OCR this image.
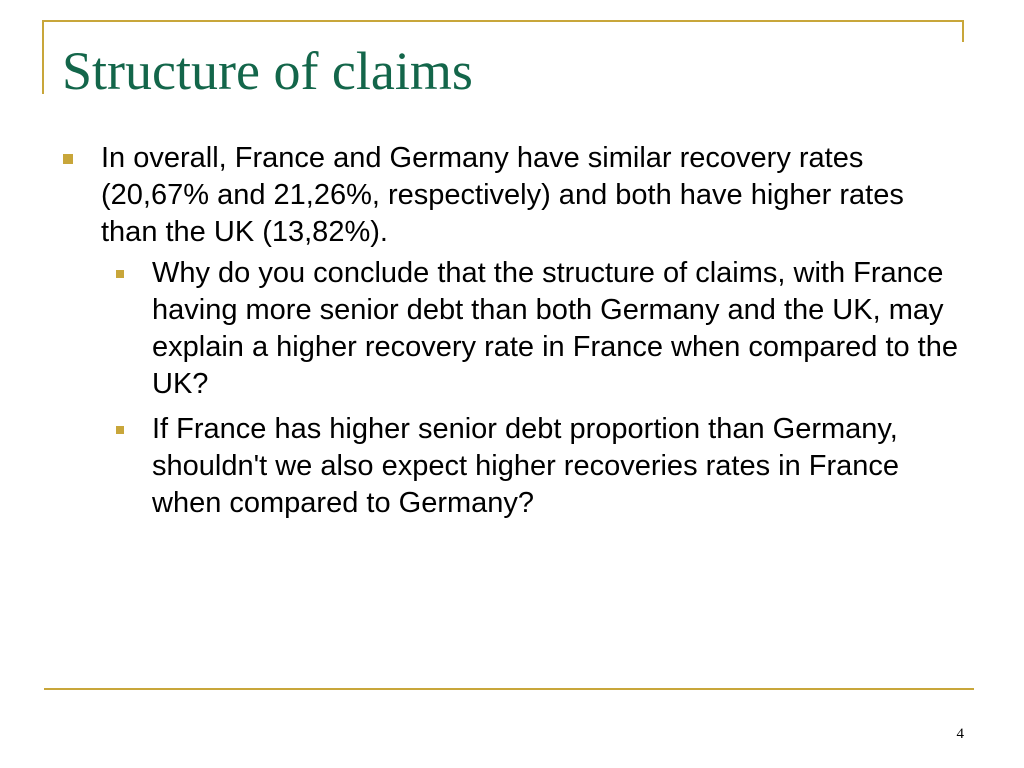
Structure of claims
In overall, France and Germany have similar recovery rates (20,67% and 21,26%, respectively) and both have higher rates than the UK (13,82%).
Why do you conclude that the structure of claims, with France having more senior debt than both Germany and the UK, may explain a higher recovery rate in France when compared to the UK?
If France has higher senior debt proportion than Germany, shouldn't we also expect higher recoveries rates in France when compared to Germany?
4
